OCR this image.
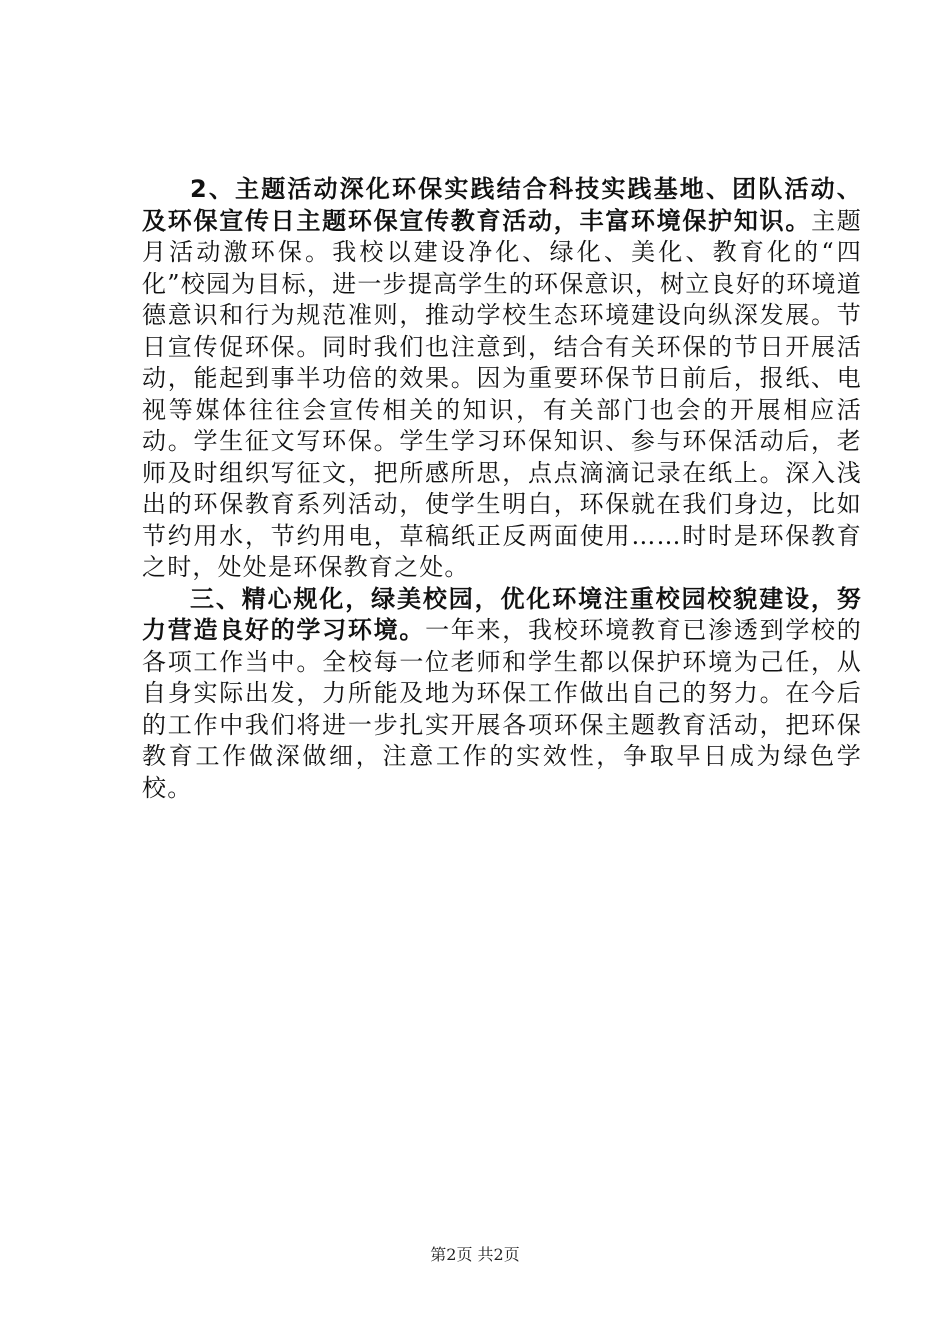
2、主题活动深化环保实践结合科技实践基地、团队活动、及环保宣传日主题环保宣传教育活动，丰富环境保护知识。主题月活动激环保。我校以建设净化、绿化、美化、教育化的“四化”校园为目标，进一步提高学生的环保意识，树立良好的环境道德意识和行为规范准则，推动学校生态环境建设向纵深发展。节日宣传促环保。同时我们也注意到，结合有关环保的节日开展活动，能起到事半功倍的效果。因为重要环保节日前后，报纸、电视等媒体往往会宣传相关的知识，有关部门也会的开展相应活动。学生征文写环保。学生学习环保知识、参与环保活动后，老师及时组织写征文，把所感所思，点点滴滴记录在纸上。深入浅出的环保教育系列活动，使学生明白，环保就在我们身边，比如节约用水，节约用电，草稿纸正反两面使用……时时是环保教育之时，处处是环保教育之处。

三、精心规化，绿美校园，优化环境注重校园校貌建设，努力营造良好的学习环境。一年来，我校环境教育已渗透到学校的各项工作当中。全校每一位老师和学生都以保护环境为己任，从自身实际出发，力所能及地为环保工作做出自己的努力。在今后的工作中我们将进一步扎实开展各项环保主题教育活动，把环保教育工作做深做细，注意工作的实效性，争取早日成为绿色学校。

第2页 共2页
